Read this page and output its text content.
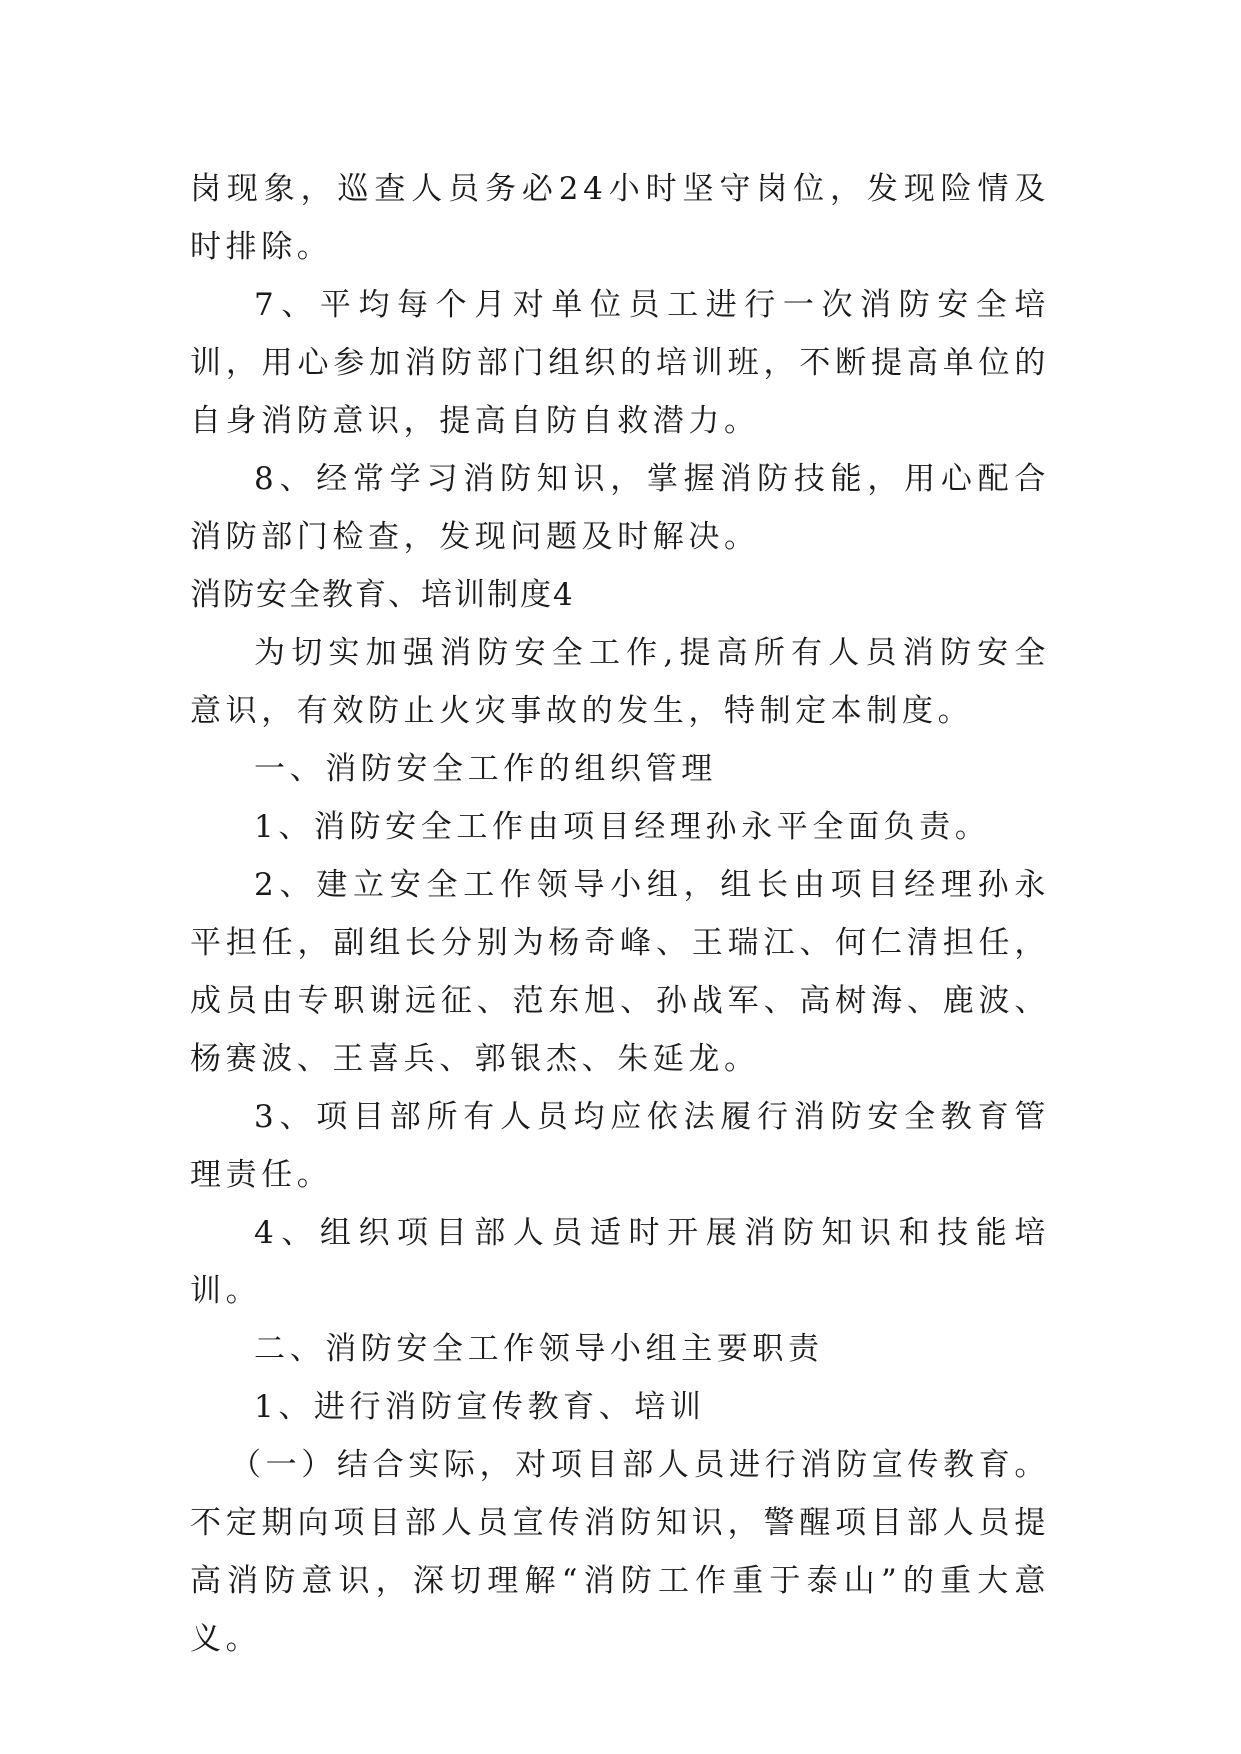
岗现象，巡查人员务必24小时坚守岗位，发现险情及时排除。

7、平均每个月对单位员工进行一次消防安全培训，用心参加消防部门组织的培训班，不断提高单位的自身消防意识，提高自防自救潜力。

8、经常学习消防知识，掌握消防技能，用心配合消防部门检查，发现问题及时解决。

消防安全教育、培训制度4

为切实加强消防安全工作,提高所有人员消防安全意识，有效防止火灾事故的发生，特制定本制度。

一、消防安全工作的组织管理

1、消防安全工作由项目经理孙永平全面负责。

2、建立安全工作领导小组，组长由项目经理孙永平担任，副组长分别为杨奇峰、王瑞江、何仁清担任，成员由专职谢远征、范东旭、孙战军、高树海、鹿波、杨赛波、王喜兵、郭银杰、朱延龙。

3、项目部所有人员均应依法履行消防安全教育管理责任。

4、组织项目部人员适时开展消防知识和技能培训。

二、消防安全工作领导小组主要职责

1、进行消防宣传教育、培训

（一）结合实际，对项目部人员进行消防宣传教育。不定期向项目部人员宣传消防知识，警醒项目部人员提高消防意识，深切理解“消防工作重于泰山”的重大意义。
